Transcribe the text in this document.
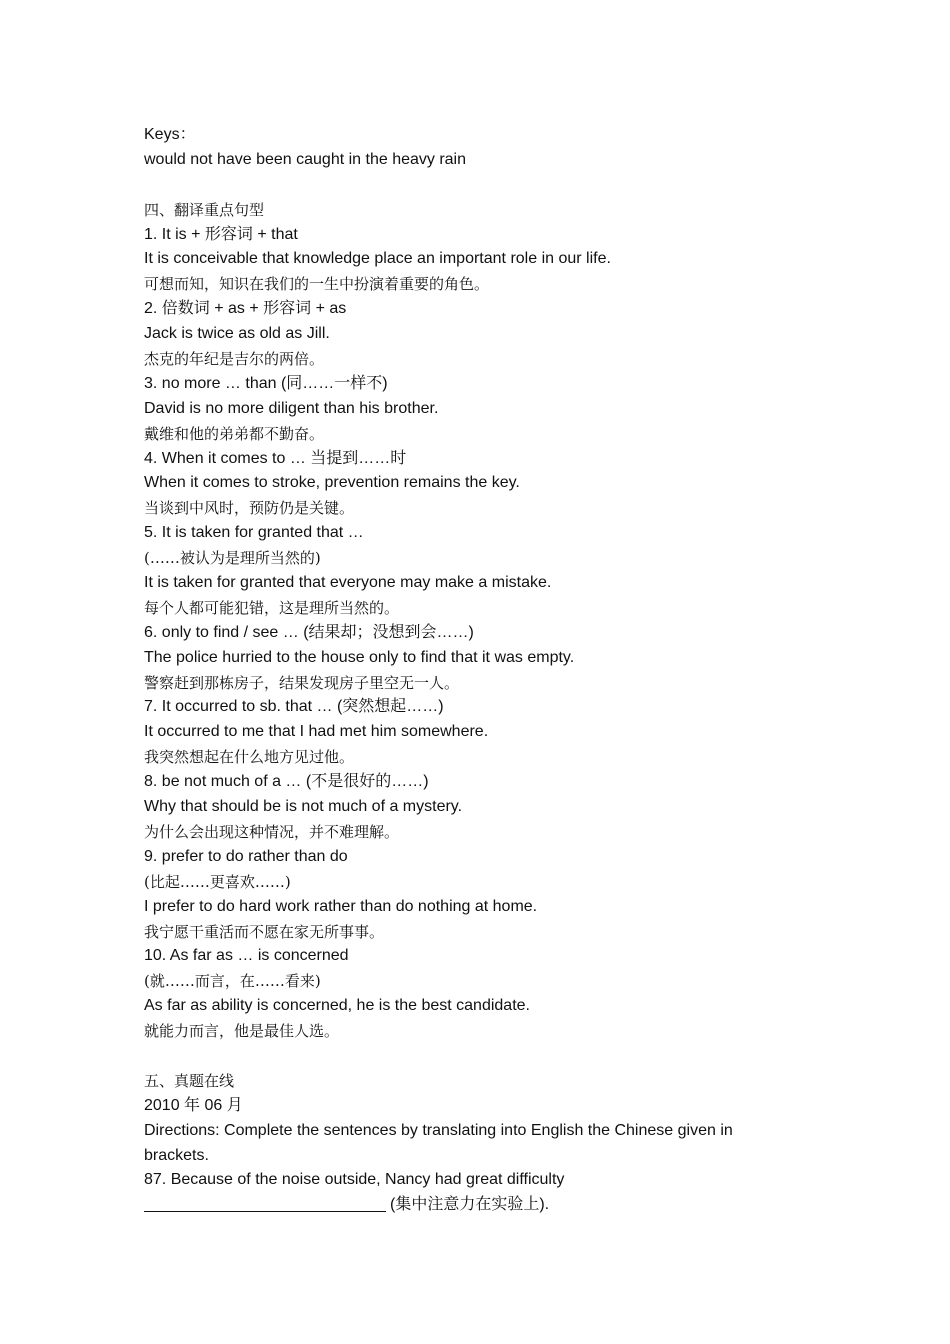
Keys：
would not have been caught in the heavy rain
四、翻译重点句型
1. It is + 形容词 + that
It is conceivable that knowledge place an important role in our life.
可想而知，知识在我们的一生中扮演着重要的角色。
2. 倍数词 + as + 形容词 + as
Jack is twice as old as Jill.
杰克的年纪是吉尔的两倍。
3. no more … than (同……一样不)
David is no more diligent than his brother.
戴维和他的弟弟都不勤奋。
4. When it comes to … 当提到……时
When it comes to stroke, prevention remains the key.
当谈到中风时，预防仍是关键。
5. It is taken for granted that …
(……被认为是理所当然的)
It is taken for granted that everyone may make a mistake.
每个人都可能犯错，这是理所当然的。
6. only to find / see … (结果却；没想到会……)
The police hurried to the house only to find that it was empty.
警察赶到那栋房子，结果发现房子里空无一人。
7. It occurred to sb. that … (突然想起……)
It occurred to me that I had met him somewhere.
我突然想起在什么地方见过他。
8. be not much of a … (不是很好的……)
Why that should be is not much of a mystery.
为什么会出现这种情况，并不难理解。
9. prefer to do rather than do
(比起……更喜欢……)
I prefer to do hard work rather than do nothing at home.
我宁愿干重活而不愿在家无所事事。
10. As far as … is concerned
(就……而言，在……看来)
As far as ability is concerned, he is the best candidate.
就能力而言，他是最佳人选。
五、真题在线
2010 年 06 月
Directions: Complete the sentences by translating into English the Chinese given in
brackets.
87. Because of the noise outside, Nancy had great difficulty
(集中注意力在实验上).
